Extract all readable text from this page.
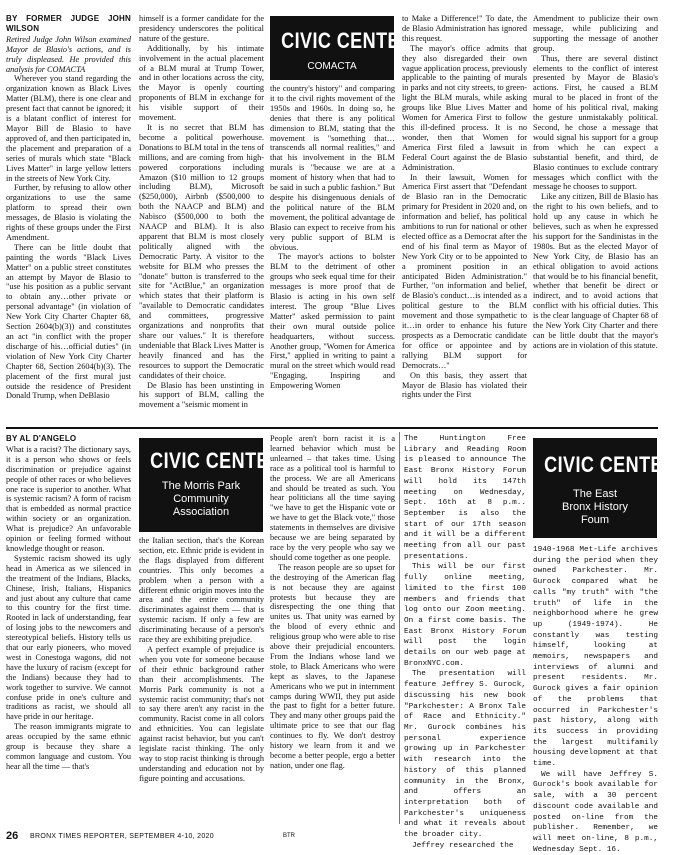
BY FORMER JUDGE JOHN WILSON

Retired Judge John Wilson examined Mayor de Blasio's actions, and is truly displeased. He provided this analysis for COMACTA

Wherever you stand regarding the organization known as Black Lives Matter (BLM), there is one clear and present fact that cannot be ignored; it is a blatant conflict of interest for Mayor Bill de Blasio to have approved of, and then participated in, the placement and preparation of a series of murals which state "Black Lives Matter" in large yellow letters in the streets of New York City.

Further, by refusing to allow other organizations to use the same platform to spread their own messages, de Blasio is violating the rights of these groups under the First Amendment.

There can be little doubt that painting the words "Black Lives Matter" on a public street constitutes an attempt by Mayor de Blasio to "use his position as a public servant to obtain any…other private or personal advantage" (in violation of New York City Charter Chapter 68, Section 2604(b)(3)) and constitutes an act "in conflict with the proper discharge of his…official duties" (in violation of New York City Charter Chapter 68, Section 2604(b)(3). The placement of the first mural just outside the residence of President Donald Trump, when DeBlasio

himself is a former candidate for the presidency underscores the political nature of the gesture.

Additionally, by his intimate involvement in the actual placement of a BLM mural at Trump Tower, and in other locations across the city, the Mayor is openly courting proponents of BLM in exchange for his visible support of their movement.

It is no secret that BLM has become a political powerhouse. Donations to BLM total in the tens of millions, and are coming from high-powered corporations including Amazon ($10 million to 12 groups including BLM), Microsoft ($250,000), Airbnb ($500,000 to both the NAACP and BLM) and Nabisco ($500,000 to both the NAACP and BLM). It is also apparent that BLM is most closely politically aligned with the Democratic Party. A visitor to the website for BLM who presses the "donate" button is transferred to the site for "ActBlue," an organization which states that their platform is "available to Democratic candidates and committees, progressive organizations and nonprofits that share our values." It is therefore undeniable that Black Lives Matter is heavily financed and has the resources to support the Democratic candidates of their choice.

De Blasio has been unstinting in his support of BLM, calling the movement a "seismic moment in

CIVIC CENTER
COMACTA

the country's history" and comparing it to the civil rights movement of the 1950s and 1960s. In doing so, he denies that there is any political dimension to BLM, stating that the movement is "something that…transcends all normal realities," and that his involvement in the BLM murals is "because we are at a moment of history when that had to be said in such a public fashion." But despite his disingenuous denials of the political nature of the BLM movement, the political advantage de Blasio can expect to receive from his very public support of BLM is obvious.

The mayor's actions to bolster BLM to the detriment of other groups who seek equal time for their messages is more proof that de Blasio is acting in his own self interest. The group "Blue Lives Matter" asked permission to paint their own mural outside police headquarters, without success. Another group, "Women for America First," applied in writing to paint a mural on the street which would read "Engaging, Inspiring and Empowering Women

to Make a Difference!" To date, the de Blasio Administration has ignored this request.

The mayor's office admits that they also disregarded their own vague application process, previously applicable to the painting of murals in parks and not city streets, to green-light the BLM murals, while asking groups like Blue Lives Matter and Women for America First to follow this ill-defined process. It is no wonder, then that Women for America First filed a lawsuit in Federal Court against the de Blasio Administration.

In their lawsuit, Women for America First assert that "Defendant de Blasio ran in the Democratic primary for President in 2020 and, on information and belief, has political ambitions to run for national or other elected office as a Democrat after the end of his final term as Mayor of New York City or to be appointed to a prominent position in an anticipated Biden Administration." Further, "on information and belief, de Blasio's conduct…is intended as a political gesture to the BLM movement and those sympathetic to it…in order to enhance his future prospects as a Democratic candidate for office or appointee and by rallying BLM support for Democrats…"

On this basis, they assert that Mayor de Blasio has violated their rights under the First

Amendment to publicize their own message, while publicizing and supporting the message of another group.

Thus, there are several distinct elements to the conflict of interest presented by Mayor de Blasio's actions. First, he caused a BLM mural to be placed in front of the home of his political rival, making the gesture unmistakably political. Second, he chose a message that would signal his support for a group from which he can expect a substantial benefit, and third, de Blasio continues to exclude contrary messages which conflict with the message he chooses to support.

Like any citizen, Bill de Blasio has the right to his own beliefs, and to hold up any cause in which he believes, such as when he expressed his support for the Sandinistas in the 1980s. But as the elected Mayor of New York City, de Blasio has an ethical obligation to avoid actions that would be to his financial benefit, whether that benefit be direct or indirect, and to avoid actions that conflict with his official duties. This is the clear language of Chapter 68 of the New York City Charter and there can be little doubt that the mayor's actions are in violation of this statute.

BY AL D'ANGELO

What is a racist? The dictionary says, it is a person who shows or feels discrimination or prejudice against people of other races or who believes one race is superior to another. What is systemic racism? A form of racism that is embedded as normal practice within society or an organization. What is prejudice? An unfavorable opinion or feeling formed without knowledge thought or reason.

Systemic racism showed its ugly head in America as we silenced in the treatment of the Indians, Blacks, Chinese, Irish, Italians, Hispanics and just about any culture that came to this country for the first time. Rooted in lack of understanding, fear of losing jobs to the newcomers and stereotypical beliefs. History tells us that our early pioneers, who moved west in Conestoga wagons, did not have the luxury of racism (except for the Indians) because they had to work together to survive. We cannot confuse pride in one's culture and traditions as racist, we should all have pride in our heritage.

The reason immigrants migrate to areas occupied by the same ethnic group is because they share a common language and custom. You hear all the time — that's

CIVIC CENTER
The Morris Park Community Association

the Italian section, that's the Korean section, etc. Ethnic pride is evident in the flags displayed from different countries. This only becomes a problem when a person with a different ethnic origin moves into the area and the entire community discriminates against them — that is systemic racism. If only a few are discriminating because of a person's race they are exhibiting prejudice.

A perfect example of prejudice is when you vote for someone because of their ethnic background rather than their accomplishments. The Morris Park community is not a systemic racist community; that's not to say there aren't any racist in the community. Racist come in all colors and ethnicities. You can legislate against racist behavior, but you can't legislate racist thinking. The only way to stop racist thinking is through understanding and education not by figure pointing and accusations.

People aren't born racist it is a learned behavior which must be unlearned – that takes time. Using race as a political tool is harmful to the process. We are all Americans and should be treated as such. You hear politicians all the time saying "we have to get the Hispanic vote or we have to get the Black vote," those statements in themselves are divisive because we are being separated by race by the very people who say we should come together as one people.

The reason people are so upset for the destroying of the American flag is not because they are against protests but because they are disrespecting the one thing that unites us. That unity was earned by the blood of every ethnic and religious group who were able to rise above their prejudicial encounters. From the Indians whose land we stole, to Black Americans who were kept as slaves, to the Japanese Americans who we put in internment camps during WWII, they put aside the past to fight for a better future. They and many other groups paid the ultimate price to see that our flag continues to fly. We don't destroy history we learn from it and we become a better people, ergo a better nation, under one flag.

The Huntington Free Library and Reading Room is pleased to announce The East Bronx History Forum will hold its 147th meeting on Wednesday, Sept. 16th at 8 p.m.. September is also the start of our 17th season and it will be a different meeting from all our past presentations.

This will be our first fully online meeting, limited to the first 100 members and friends that log onto our Zoom meeting. On a first come basis. The East Bronx History Forum will post the login details on our web page at BronxNYC.com.

The presentation will feature Jeffrey S. Gurock, discussing his new book "Parkchester: A Bronx Tale of Race and Ethnicity." Mr. Gurock combines his personal experience growing up in Parkchester with research into the history of this planned community in the Bronx, and offers an interpretation both of Parkchester's uniqueness and what it reveals about the broader city.

Jeffrey researched the

CIVIC CENTER
The East Bronx History Foum

1940-1968 Met-Life archives during the period when they owned Parkchester. Mr. Gurock compared what he calls "my truth" with "the truth" of life in the neighborhood where he grew up (1949-1974). He constantly was testing himself, looking at memoirs, newspapers and interviews of alumni and present residents. Mr. Gurock gives a fair opinion of the problems that occurred in Parkchester's past history, along with its success in providing the largest multifamily housing development at that time.

We will have Jeffrey S. Gurock's book available for sale, with a 30 percent discount code available and posted on-line from the publisher. Remember, we will meet on-line, 8 p.m., Wednesday Sept. 16.

26 BRONX TIMES REPORTER, SEPTEMBER 4-10, 2020	BTR
